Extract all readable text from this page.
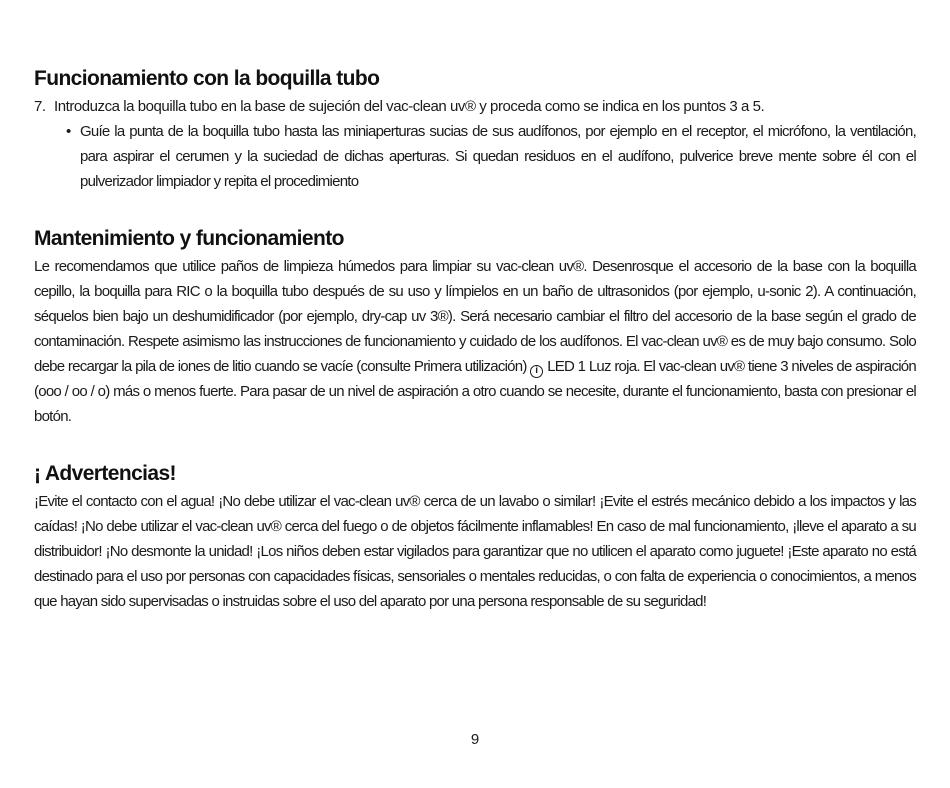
Funcionamiento con la boquilla tubo
7. Introduzca la boquilla tubo en la base de sujeción del vac-clean uv® y proceda como se indica en los puntos 3 a 5.
• Guíe la punta de la boquilla tubo hasta las miniaperturas sucias de sus audífonos, por ejemplo en el receptor, el micrófono, la ventilación, para aspirar el cerumen y la suciedad de dichas aperturas. Si quedan residuos en el audífono, pulverice breve mente sobre él con el pulverizador limpiador y repita el procedimiento
Mantenimiento y funcionamiento
Le recomendamos que utilice paños de limpieza húmedos para limpiar su vac-clean uv®. Desenrosque el accesorio de la base con la boquilla cepillo, la boquilla para RIC o la boquilla tubo después de su uso y límpielos en un baño de ultrasonidos (por ejemplo, u-sonic 2). A continuación, séquelos bien bajo un deshumidificador (por ejemplo, dry-cap uv 3®). Será necesario cambiar el filtro del accesorio de la base según el grado de contaminación. Respete asimismo las instrucciones de funcionamiento y cuidado de los audífonos. El vac-clean uv® es de muy bajo consumo. Solo debe recargar la pila de iones de litio cuando se vacíe (consulte Primera utilización) i LED 1 Luz roja. El vac-clean uv® tiene 3 niveles de aspiración (ooo / oo / o) más o menos fuerte. Para pasar de un nivel de aspiración a otro cuando se necesite, durante el funcionamiento, basta con presionar el botón.
¡ Advertencias!
¡Evite el contacto con el agua! ¡No debe utilizar el vac-clean uv® cerca de un lavabo o similar! ¡Evite el estrés mecánico debido a los impactos y las caídas! ¡No debe utilizar el vac-clean uv® cerca del fuego o de objetos fácilmente inflamables! En caso de mal funcionamiento, ¡lleve el aparato a su distribuidor! ¡No desmonte la unidad! ¡Los niños deben estar vigilados para garantizar que no utilicen el aparato como juguete! ¡Este aparato no está destinado para el uso por personas con capacidades físicas, sensoriales o mentales reducidas, o con falta de experiencia o conocimientos, a menos que hayan sido supervisadas o instruidas sobre el uso del aparato por una persona responsable de su seguridad!
9
